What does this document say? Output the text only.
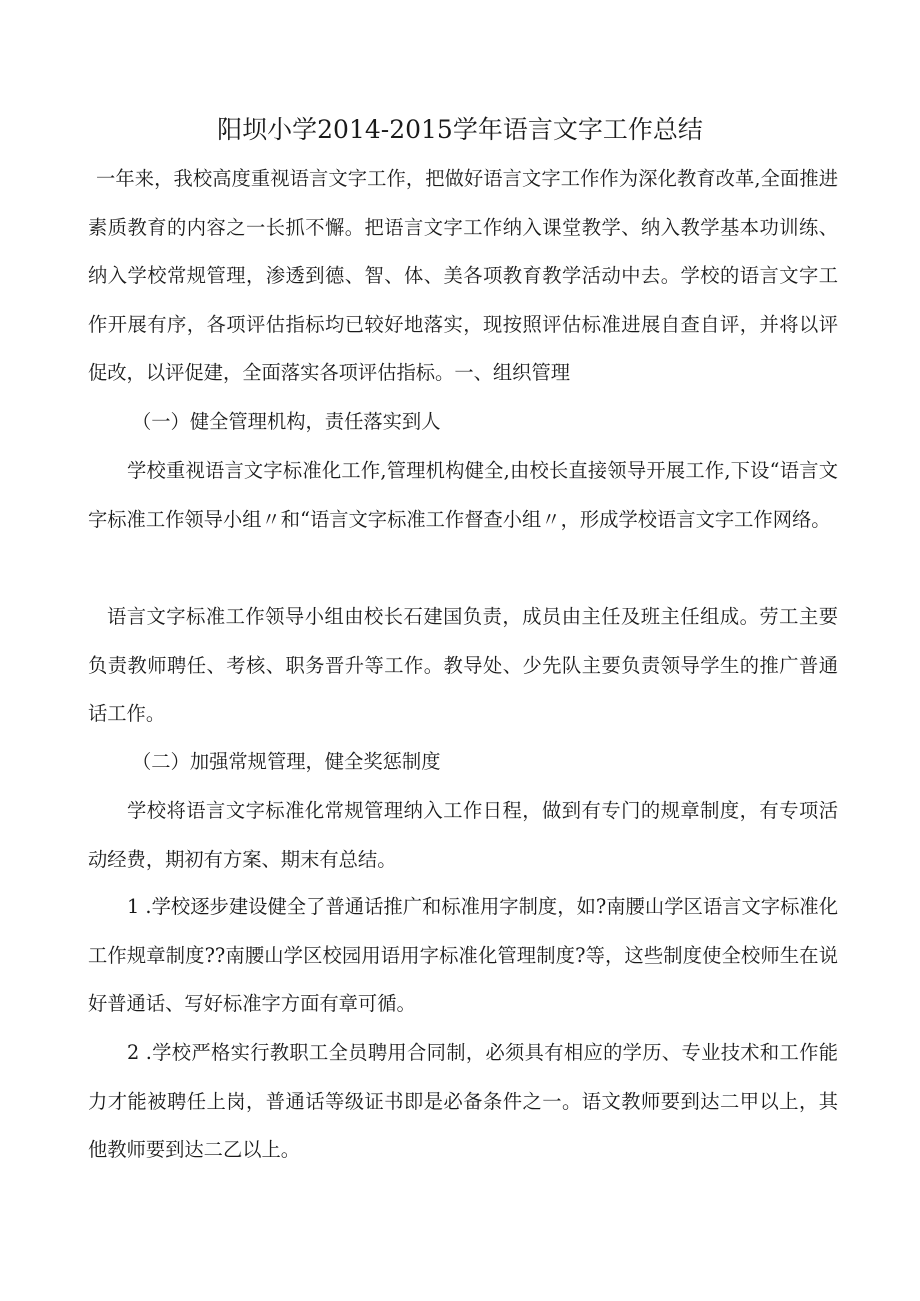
阳坝小学2014-2015学年语言文字工作总结

一年来，我校高度重视语言文字工作，把做好语言文字工作作为深化教育改革,全面推进素质教育的内容之一长抓不懈。把语言文字工作纳入课堂教学、纳入教学基本功训练、纳入学校常规管理，渗透到德、智、体、美各项教育教学活动中去。学校的语言文字工作开展有序，各项评估指标均已较好地落实，现按照评估标准进展自查自评，并将以评促改，以评促建，全面落实各项评估指标。一、组织管理

（一）健全管理机构，责任落实到人

学校重视语言文字标准化工作,管理机构健全,由校长直接领导开展工作,下设“语言文字标准工作领导小组〃和“语言文字标准工作督查小组〃，形成学校语言文字工作网络。

语言文字标准工作领导小组由校长石建国负责，成员由主任及班主任组成。劳工主要负责教师聘任、考核、职务晋升等工作。教导处、少先队主要负责领导学生的推广普通话工作。

（二）加强常规管理，健全奖惩制度

学校将语言文字标准化常规管理纳入工作日程，做到有专门的规章制度，有专项活动经费，期初有方案、期末有总结。

1 .学校逐步建设健全了普通话推广和标准用字制度，如?南腰山学区语言文字标准化工作规章制度??南腰山学区校园用语用字标准化管理制度?等，这些制度使全校师生在说好普通话、写好标准字方面有章可循。

2 .学校严格实行教职工全员聘用合同制，必须具有相应的学历、专业技术和工作能力才能被聘任上岗，普通话等级证书即是必备条件之一。语文教师要到达二甲以上，其他教师要到达二乙以上。
